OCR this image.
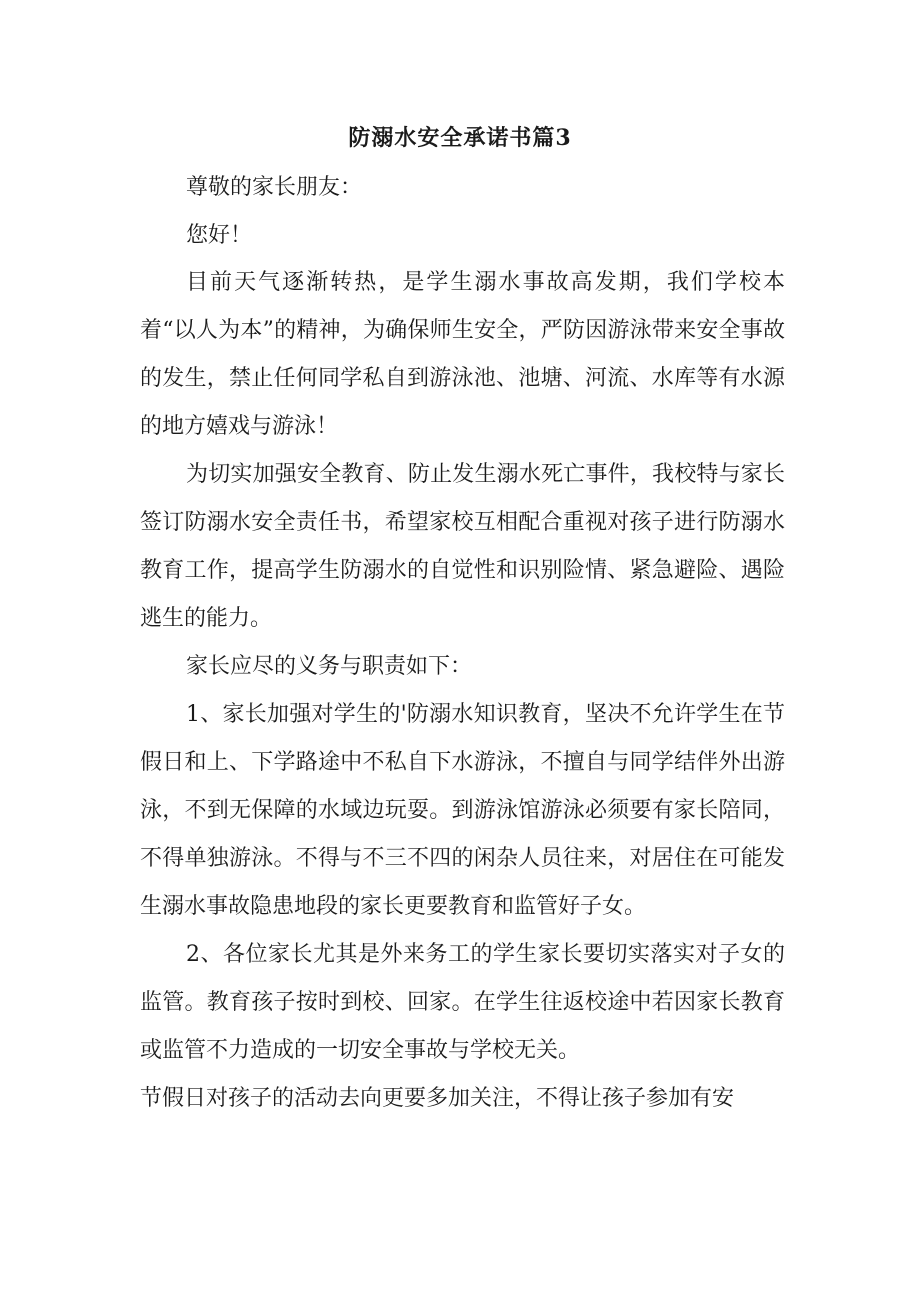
防溺水安全承诺书篇3

尊敬的家长朋友：

您好！

目前天气逐渐转热，是学生溺水事故高发期，我们学校本着“以人为本”的精神，为确保师生安全，严防因游泳带来安全事故的发生，禁止任何同学私自到游泳池、池塘、河流、水库等有水源的地方嬉戏与游泳！

为切实加强安全教育、防止发生溺水死亡事件，我校特与家长签订防溺水安全责任书，希望家校互相配合重视对孩子进行防溺水教育工作，提高学生防溺水的自觉性和识别险情、紧急避险、遇险逃生的能力。

家长应尽的义务与职责如下：

1、家长加强对学生的'防溺水知识教育，坚决不允许学生在节假日和上、下学路途中不私自下水游泳，不擅自与同学结伴外出游泳，不到无保障的水域边玩耍。到游泳馆游泳必须要有家长陪同，不得单独游泳。不得与不三不四的闲杂人员往来，对居住在可能发生溺水事故隐患地段的家长更要教育和监管好子女。

2、各位家长尤其是外来务工的学生家长要切实落实对子女的监管。教育孩子按时到校、回家。在学生往返校途中若因家长教育或监管不力造成的一切安全事故与学校无关。

节假日对孩子的活动去向更要多加关注，不得让孩子参加有安
